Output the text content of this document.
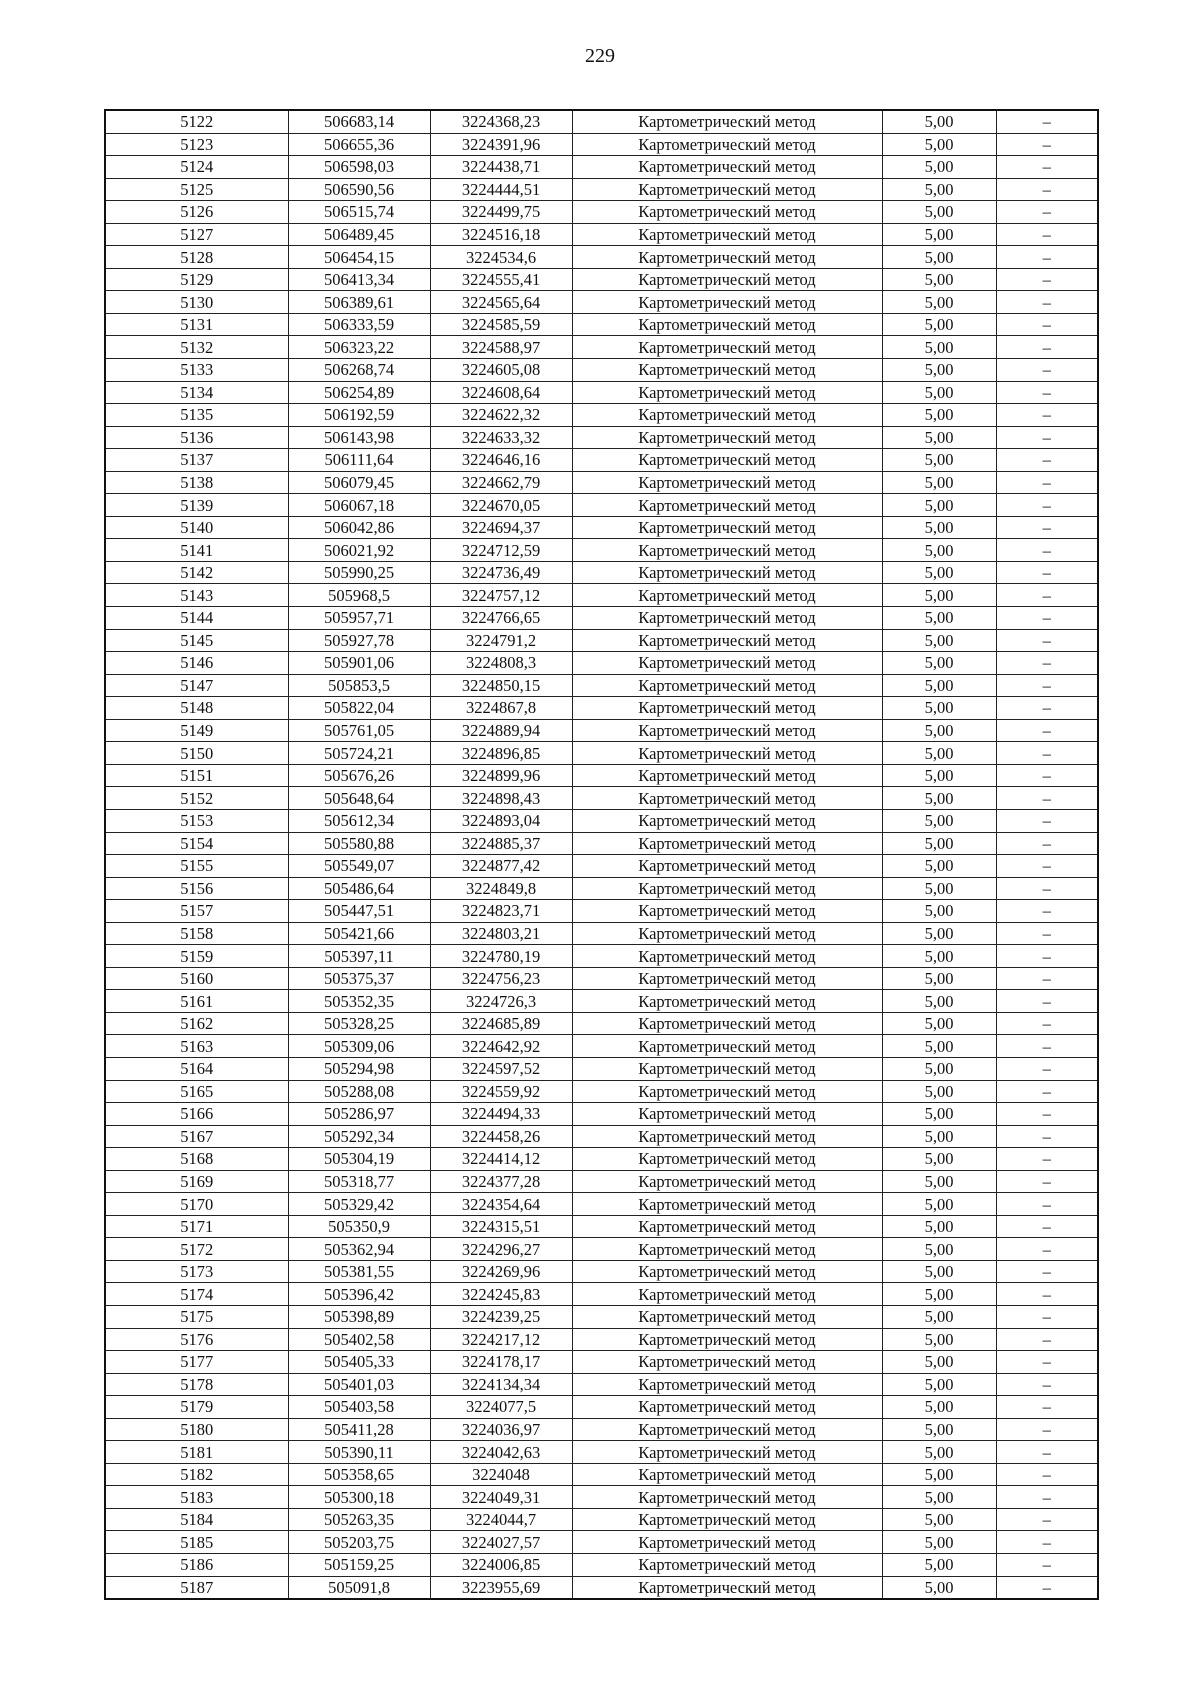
229
5122	506683,14	3224368,23	Картометрический метод	5,00	–
5123	506655,36	3224391,96	Картометрический метод	5,00	–
5124	506598,03	3224438,71	Картометрический метод	5,00	–
5125	506590,56	3224444,51	Картометрический метод	5,00	–
5126	506515,74	3224499,75	Картометрический метод	5,00	–
5127	506489,45	3224516,18	Картометрический метод	5,00	–
5128	506454,15	3224534,6	Картометрический метод	5,00	–
5129	506413,34	3224555,41	Картометрический метод	5,00	–
5130	506389,61	3224565,64	Картометрический метод	5,00	–
5131	506333,59	3224585,59	Картометрический метод	5,00	–
5132	506323,22	3224588,97	Картометрический метод	5,00	–
5133	506268,74	3224605,08	Картометрический метод	5,00	–
5134	506254,89	3224608,64	Картометрический метод	5,00	–
5135	506192,59	3224622,32	Картометрический метод	5,00	–
5136	506143,98	3224633,32	Картометрический метод	5,00	–
5137	506111,64	3224646,16	Картометрический метод	5,00	–
5138	506079,45	3224662,79	Картометрический метод	5,00	–
5139	506067,18	3224670,05	Картометрический метод	5,00	–
5140	506042,86	3224694,37	Картометрический метод	5,00	–
5141	506021,92	3224712,59	Картометрический метод	5,00	–
5142	505990,25	3224736,49	Картометрический метод	5,00	–
5143	505968,5	3224757,12	Картометрический метод	5,00	–
5144	505957,71	3224766,65	Картометрический метод	5,00	–
5145	505927,78	3224791,2	Картометрический метод	5,00	–
5146	505901,06	3224808,3	Картометрический метод	5,00	–
5147	505853,5	3224850,15	Картометрический метод	5,00	–
5148	505822,04	3224867,8	Картометрический метод	5,00	–
5149	505761,05	3224889,94	Картометрический метод	5,00	–
5150	505724,21	3224896,85	Картометрический метод	5,00	–
5151	505676,26	3224899,96	Картометрический метод	5,00	–
5152	505648,64	3224898,43	Картометрический метод	5,00	–
5153	505612,34	3224893,04	Картометрический метод	5,00	–
5154	505580,88	3224885,37	Картометрический метод	5,00	–
5155	505549,07	3224877,42	Картометрический метод	5,00	–
5156	505486,64	3224849,8	Картометрический метод	5,00	–
5157	505447,51	3224823,71	Картометрический метод	5,00	–
5158	505421,66	3224803,21	Картометрический метод	5,00	–
5159	505397,11	3224780,19	Картометрический метод	5,00	–
5160	505375,37	3224756,23	Картометрический метод	5,00	–
5161	505352,35	3224726,3	Картометрический метод	5,00	–
5162	505328,25	3224685,89	Картометрический метод	5,00	–
5163	505309,06	3224642,92	Картометрический метод	5,00	–
5164	505294,98	3224597,52	Картометрический метод	5,00	–
5165	505288,08	3224559,92	Картометрический метод	5,00	–
5166	505286,97	3224494,33	Картометрический метод	5,00	–
5167	505292,34	3224458,26	Картометрический метод	5,00	–
5168	505304,19	3224414,12	Картометрический метод	5,00	–
5169	505318,77	3224377,28	Картометрический метод	5,00	–
5170	505329,42	3224354,64	Картометрический метод	5,00	–
5171	505350,9	3224315,51	Картометрический метод	5,00	–
5172	505362,94	3224296,27	Картометрический метод	5,00	–
5173	505381,55	3224269,96	Картометрический метод	5,00	–
5174	505396,42	3224245,83	Картометрический метод	5,00	–
5175	505398,89	3224239,25	Картометрический метод	5,00	–
5176	505402,58	3224217,12	Картометрический метод	5,00	–
5177	505405,33	3224178,17	Картометрический метод	5,00	–
5178	505401,03	3224134,34	Картометрический метод	5,00	–
5179	505403,58	3224077,5	Картометрический метод	5,00	–
5180	505411,28	3224036,97	Картометрический метод	5,00	–
5181	505390,11	3224042,63	Картометрический метод	5,00	–
5182	505358,65	3224048	Картометрический метод	5,00	–
5183	505300,18	3224049,31	Картометрический метод	5,00	–
5184	505263,35	3224044,7	Картометрический метод	5,00	–
5185	505203,75	3224027,57	Картометрический метод	5,00	–
5186	505159,25	3224006,85	Картометрический метод	5,00	–
5187	505091,8	3223955,69	Картометрический метод	5,00	–
